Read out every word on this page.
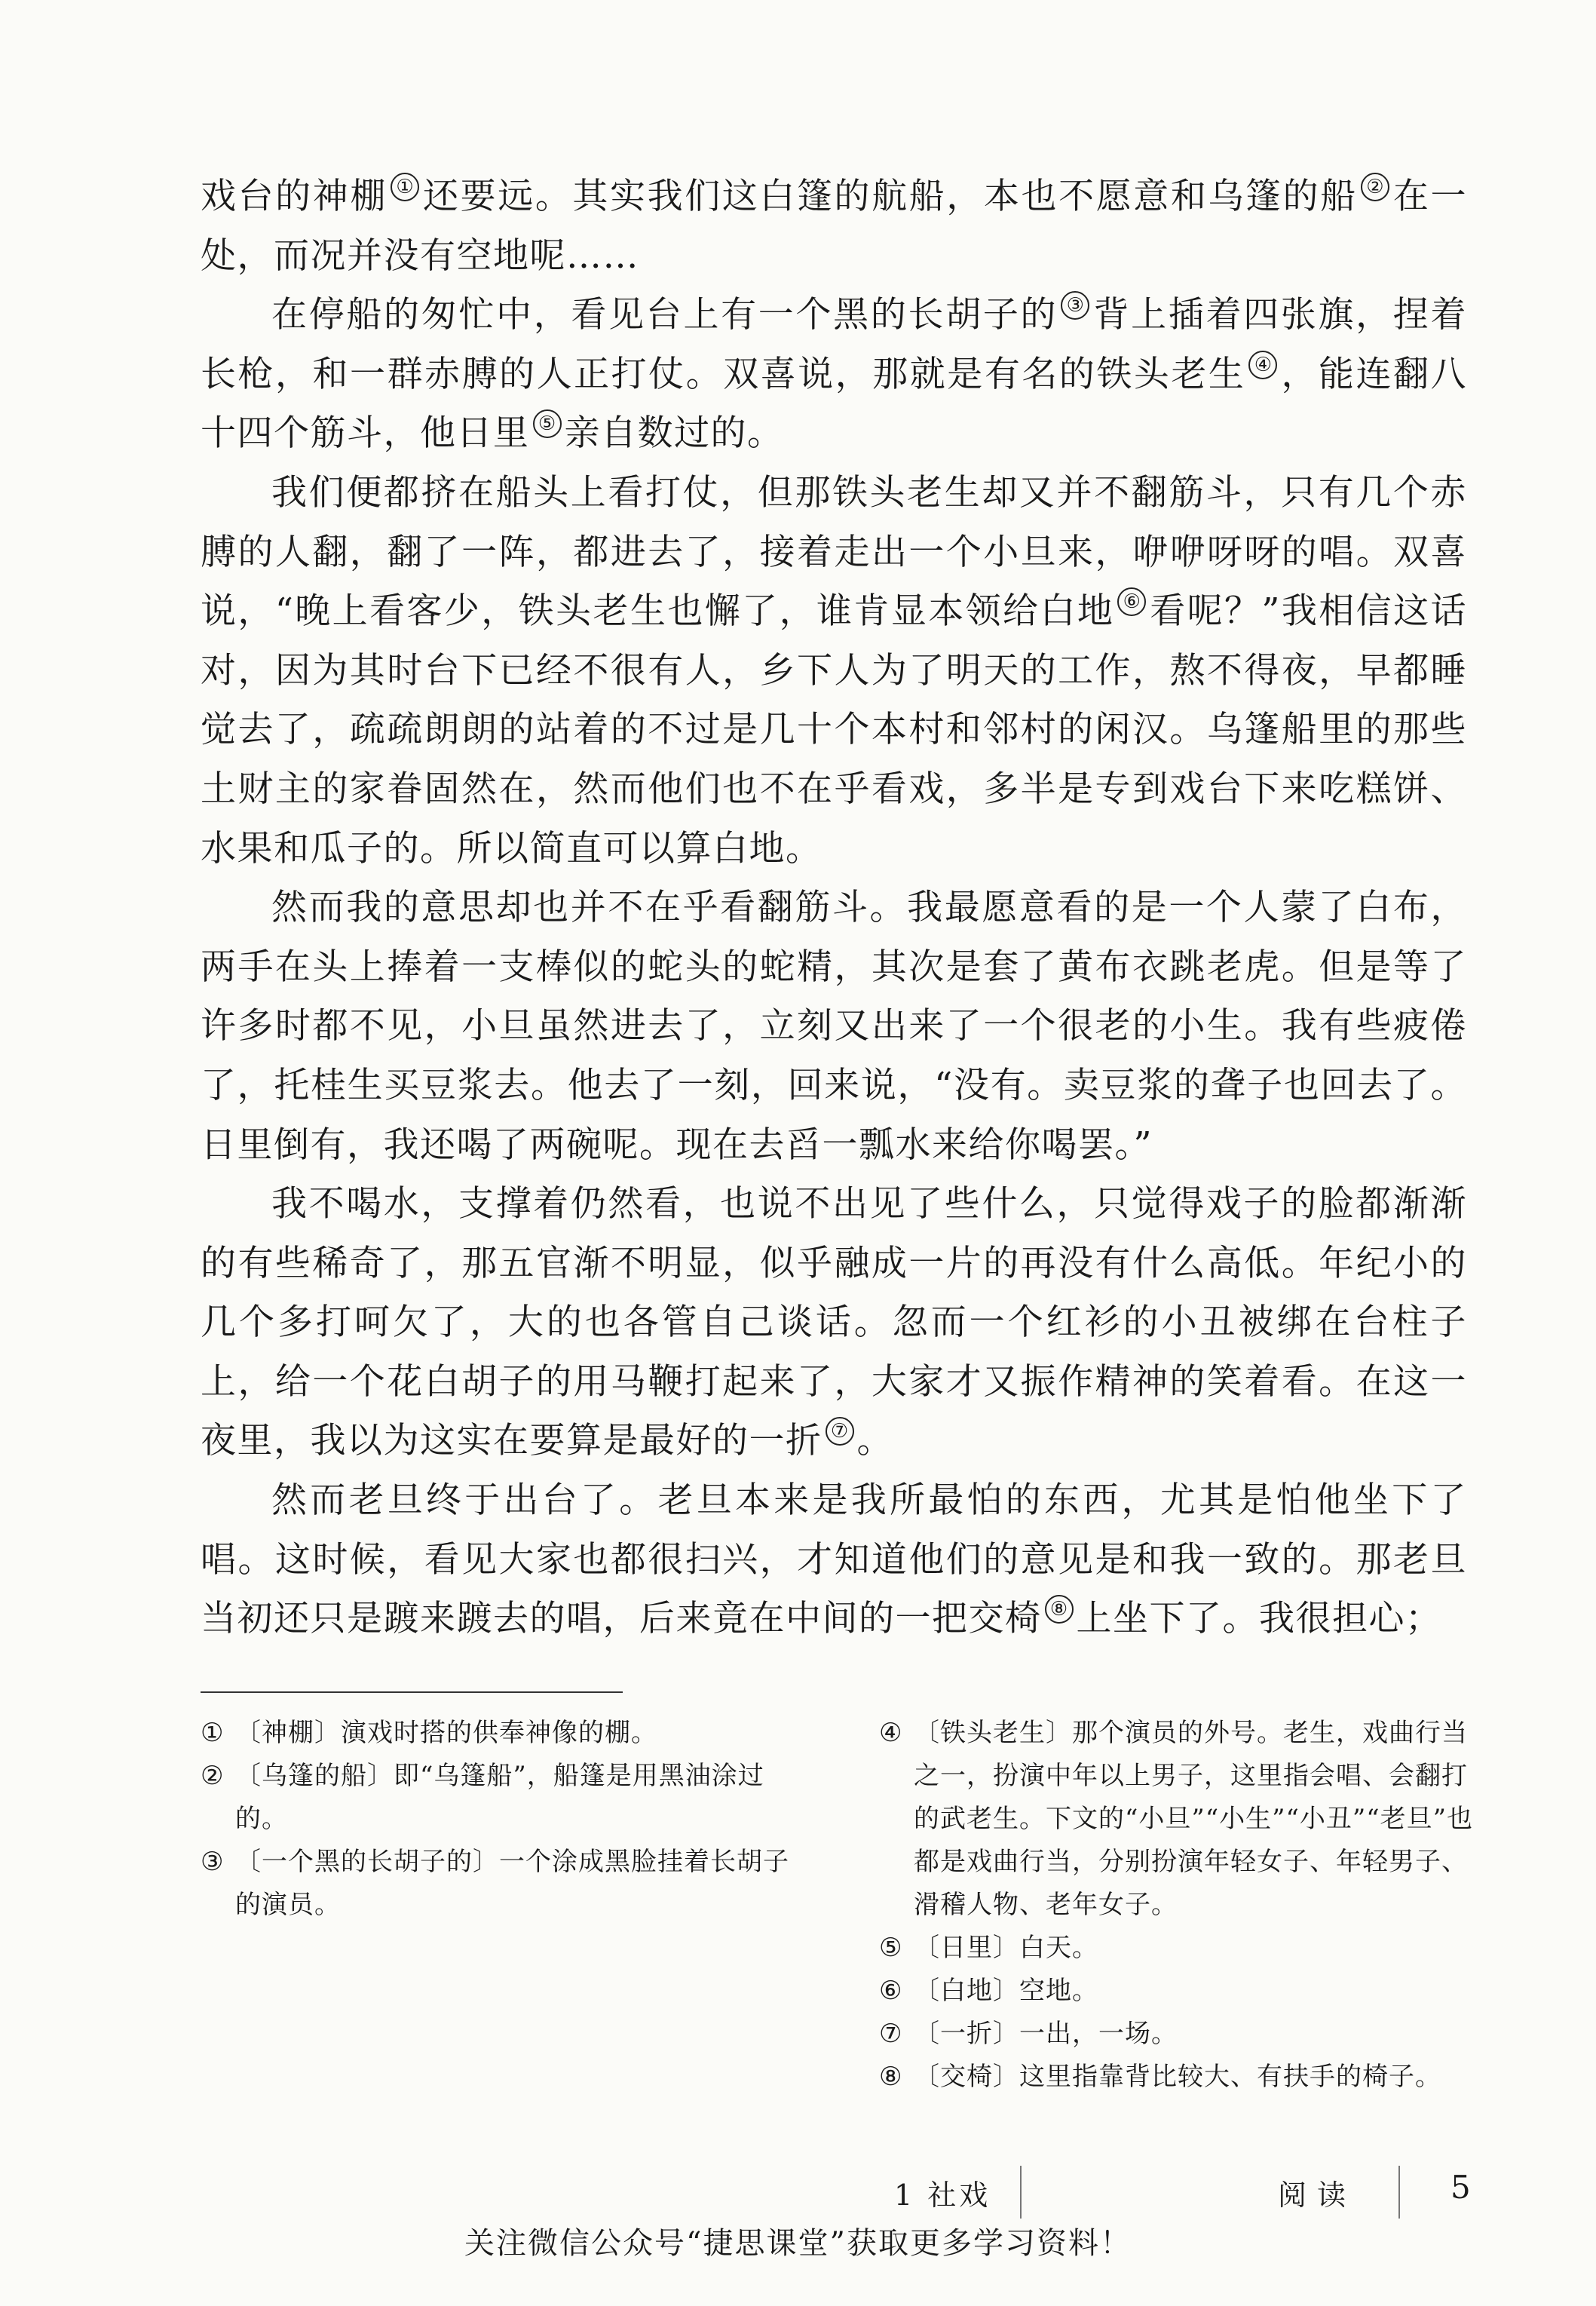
戏台的神棚 ① 还要远。其实我们这白篷的航船，本也不愿意和乌篷的船 ② 在一处，而况并没有空地呢……

在停船的匆忙中，看见台上有一个黑的长胡子的 ③ 背上插着四张旗，捏着长枪，和一群赤膊的人正打仗。双喜说，那就是有名的铁头老生 ④ ，能连翻八十四个筋斗，他日里 ⑤ 亲自数过的。

我们便都挤在船头上看打仗，但那铁头老生却又并不翻筋斗，只有几个赤膊的人翻，翻了一阵，都进去了，接着走出一个小旦来，咿咿呀呀的唱。双喜说，“晚上看客少，铁头老生也懈了，谁肯显本领给白地 ⑥ 看呢？”我相信这话对，因为其时台下已经不很有人，乡下人为了明天的工作，熬不得夜，早都睡觉去了，疏疏朗朗的站着的不过是几十个本村和邻村的闲汉。乌篷船里的那些土财主的家眷固然在，然而他们也不在乎看戏，多半是专到戏台下来吃糕饼、水果和瓜子的。所以简直可以算白地。

然而我的意思却也并不在乎看翻筋斗。我最愿意看的是一个人蒙了白布，两手在头上捧着一支棒似的蛇头的蛇精，其次是套了黄布衣跳老虎。但是等了许多时都不见，小旦虽然进去了，立刻又出来了一个很老的小生。我有些疲倦了，托桂生买豆浆去。他去了一刻，回来说，“没有。卖豆浆的聋子也回去了。日里倒有，我还喝了两碗呢。现在去舀一瓢水来给你喝罢。”

我不喝水，支撑着仍然看，也说不出见了些什么，只觉得戏子的脸都渐渐的有些稀奇了，那五官渐不明显，似乎融成一片的再没有什么高低。年纪小的几个多打呵欠了，大的也各管自己谈话。忽而一个红衫的小丑被绑在台柱子上，给一个花白胡子的用马鞭打起来了，大家才又振作精神的笑着看。在这一夜里，我以为这实在要算是最好的一折 ⑦ 。

然而老旦终于出台了。老旦本来是我所最怕的东西，尤其是怕他坐下了唱。这时候，看见大家也都很扫兴，才知道他们的意见是和我一致的。那老旦当初还只是踱来踱去的唱，后来竟在中间的一把交椅 ⑧ 上坐下了。我很担心；

① 〔神棚〕演戏时搭的供奉神像的棚。
② 〔乌篷的船〕即“乌篷船”，船篷是用黑油涂过的。
③ 〔一个黑的长胡子的〕一个涂成黑脸挂着长胡子的演员。
④ 〔铁头老生〕那个演员的外号。老生，戏曲行当之一，扮演中年以上男子，这里指会唱、会翻打的武老生。下文的“小旦”“小生”“小丑”“老旦”也都是戏曲行当，分别扮演年轻女子、年轻男子、滑稽人物、老年女子。
⑤ 〔日里〕白天。
⑥ 〔白地〕空地。
⑦ 〔一折〕一出，一场。
⑧ 〔交椅〕这里指靠背比较大、有扶手的椅子。
1 社戏	阅读	5
关注微信公众号“捷思课堂”获取更多学习资料！
